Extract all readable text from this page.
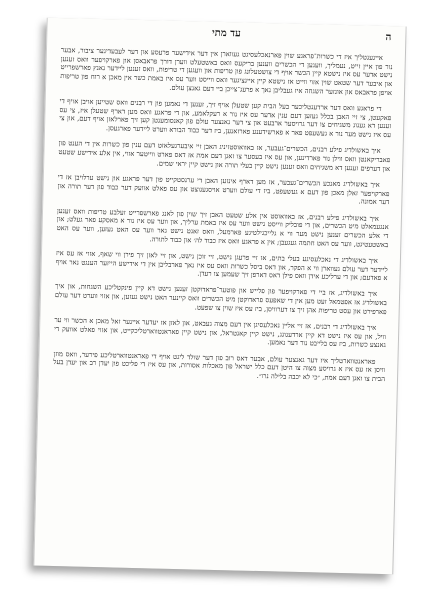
עד מתי	ה

איינענטליך איז די כשרות־פראגע שוין פארנאכלעסיגט געווארן אין דער אידישער פרעסע און דער לעבעדיגער ציבור, אבער נור פון איין זייט, נעמליך, וועגען די הכשרים ווענען בריקעס וואס באשטעלט ווערן דורך פראבאסן און פארקויפער וואס זענען נישט אדער עס איז נישטא קיין הכשר אויף די צושטעלונג פון טריפות און וועגען די טריפות, וואס זענען ליידער גאנץ פארשפרייט און איבער דער שטאט שוין אזוי ווייט אז נישטא קיין איינציגער וואס ווייסט ווער עס איז באמת כשר אין מאכן א רוח פון טריפות אויפן פראבאס און אונזער השגחה איז געבליבן נאך א פרעג־צייכן ביי דעם גאנצן עולם.

די פראגע וואס דער ארדענטליכער בעל הבית קען שטעלן אויף זיך, זענען די נאמען פון די רבנים וואס שטייען אויבן אויף די פאקעטן, צי זיי האבן בכלל געזען דעם ענין אדער עס איז נור א רעקלאמע, און די פראגע וואס מען דארף שטעלן איז, צי עס זענען דא גענוג משגיחים צו דער גרויסער ארבעט און צי דער גאנצער עולם פון קאנסומענטן קען זיך פארלאזן אויף דעם, און צי עס איז נישט מער נור א געשעפט פאר א פארשידענע פארזאנען, ביז דער כבוד הבורא ווערט ליידער פארגעסן.

איך באשולדיג פילע רבנים, הכשרים־געבער, אז באוואוסטזיניג האבן זיי איבערגעלאזט דעם ענין פון כשרות אין די הענט פון פאבריקאנטן וואס ווילן נור פארדינען, און עס איז בעסער צו זאגן דעם אמת אז דאס פארט ווייטער אזוי, אין אלע אידישע שטעט און דערפים זענען דא משגיחים וואס זענען נישט קיין בעלי תורה און נישט קיין יראי שמים.

איך באשולדיג מאנכע הכשרים־געבער, אז מען דארף אינזען האבן די ערנסטקייט פון דער פראגע און נישט ערלויבן אז די פארקויפער זאלן מאכן פון דעם א געשעפט, ביז די עולם ווערט אויסגענוצט און עס פאלט אוועק דער כבוד פון דער תורה און דער אמונה.

איך באשולדיג פילע רבנים, אז באוואוסט אין אלע שטעט האבן זיך שוין פון לאנג פארשפרייט זעלבע טריפות וואס זענען אנגעמאלט מיט הכשרים, און די פובליק ווייסט נישט ווער עס איז באמת ערליך, און ווער עס איז נור א מאסקע פאר געלט; און די אלע הכשרים זענען נישט מער ווי א גלייכגילטיגע פארמעל, וואס זאגט נישט גאר ווער עס האט געזען, ווער עס האט באשטעטיגט, ווער עס האט חתמה געגעבן; אין א פראגע וואס איז כבוד לה׳ און כבוד לתורה.

איך באשולדיג די נאכלעסיגע בעלי בתים, אז זיי פרעגן נישט, זיי זוכן נישט, און זיי לאזן זיך פירן ווי שאף, אזוי אז עס איז ליידער דער עולם געווארן ווי א הפקר, און דאס ביסל כשרות וואס עס איז נאך פארבליבן אין די אידישע הייזער הענגט נאר אויף א פאדעם; און די ערליכע אידן וואס פילן דאס דארפן זיך שעמען צו רעדן.

איך באשולדיג, אז ביי די פארקויפער פון פלייש און פוטער־פראדוקטן זענען נישט דא קיין פינקטליכע השגחות, און איך באשולדיג אז אפטמאל זעט מען אין די שאפעס פראדוקטן מיט הכשרים וואס קיינער האט נישט געזען, און אזוי ווערט דער עולם פארפירט און עסט טריפות אהן זיך צו דערוויסן, ביז עס איז שוין צו שפעט.

איך באשולדיג די רבנים, אז זיי אליין נאכלעסיגן אין דעם מצוה געבאט, און לאזן אז יעדער איינער זאל מאכן א הכשר ווי ער וויל, און עס איז נישט דא קיין ארדענונג, נישט קיין קאנטראל, און נישט קיין פאראנטווארטליכקייט, און אזוי פאלט אוועק די גאנצע כשרות, ביז עס בלייבט נור דער נאמען.

פאראנטווארטליך איז דער גאנצער עולם, אבער דאס רוב פון דער שולד ליגט אויף די פאראנטווארטליכע פירער, וואס מוזן וויסן אז עס איז א גרויסע מצוה צו היטן דעם כלל ישראל פון מאכלות אסורות, און עס איז די פליכט פון יעדן רב און יעדן בעל הבית צו זאגן דעם אמת, ״כי לא יכבה בלילה נרו״.
